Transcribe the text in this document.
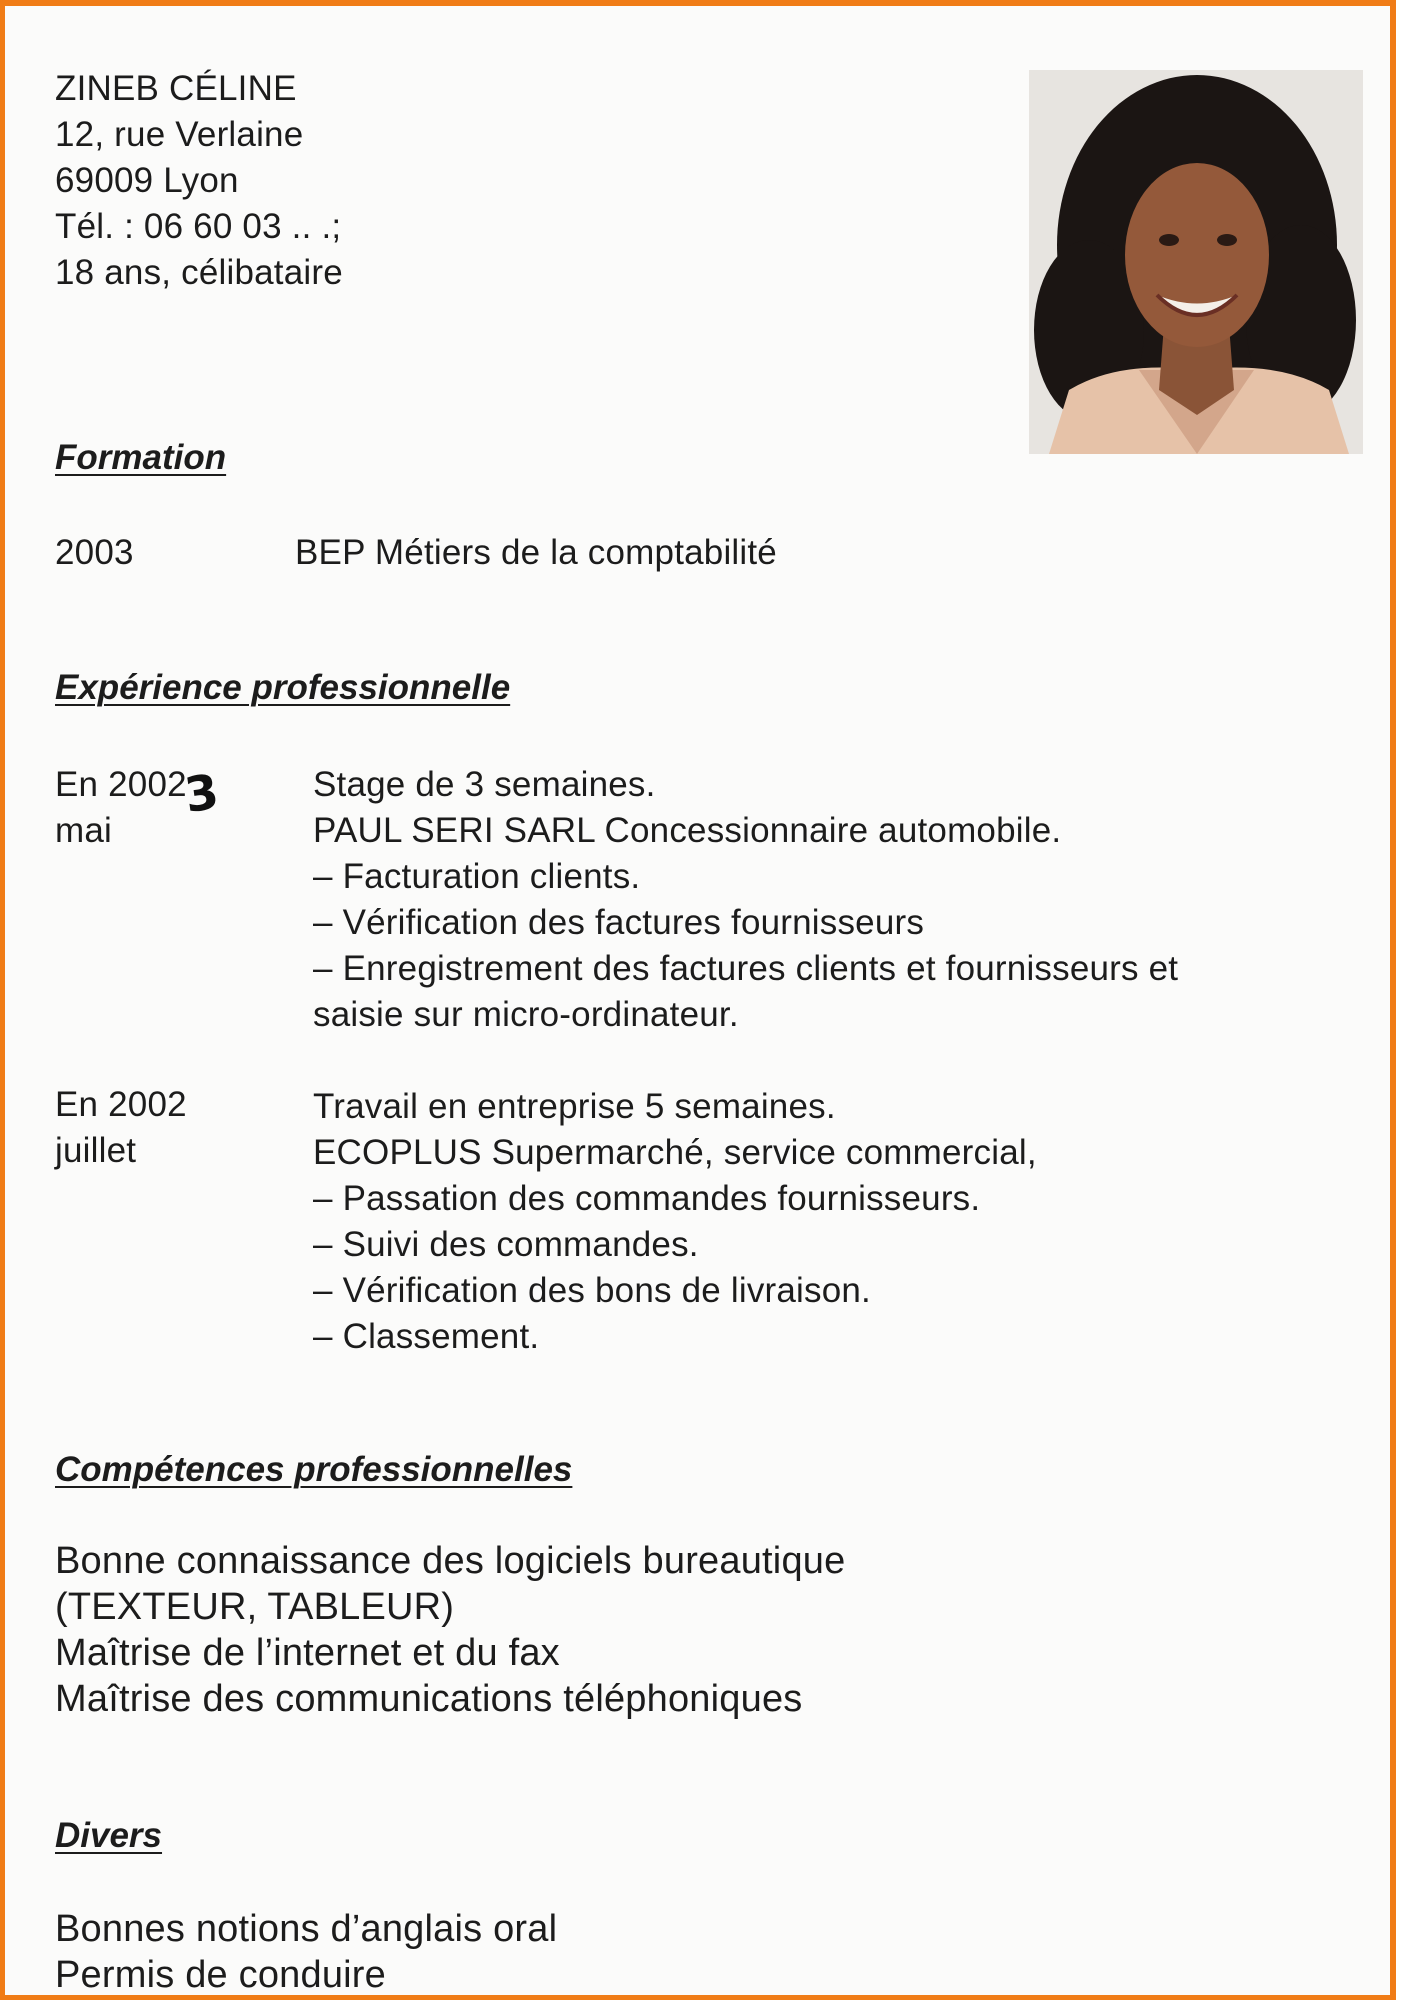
ZINEB CÉLINE
12, rue Verlaine
69009 Lyon
Tél. : 06 60 03 .. .;
18 ans, célibataire
Formation
2003	BEP Métiers de la comptabilité
Expérience professionnelle
En 2002
mai
3	Stage de 3 semaines.
PAUL SERI SARL Concessionnaire automobile.
– Facturation clients.
– Vérification des factures fournisseurs
– Enregistrement des factures clients et fournisseurs et
saisie sur micro-ordinateur.
En 2002
juillet
Travail en entreprise 5 semaines.
ECOPLUS Supermarché, service commercial,
– Passation des commandes fournisseurs.
– Suivi des commandes.
– Vérification des bons de livraison.
– Classement.
Compétences professionnelles
Bonne connaissance des logiciels bureautique
(TEXTEUR, TABLEUR)
Maîtrise de l’internet et du fax
Maîtrise des communications téléphoniques
Divers
Bonnes notions d’anglais oral
Permis de conduire
